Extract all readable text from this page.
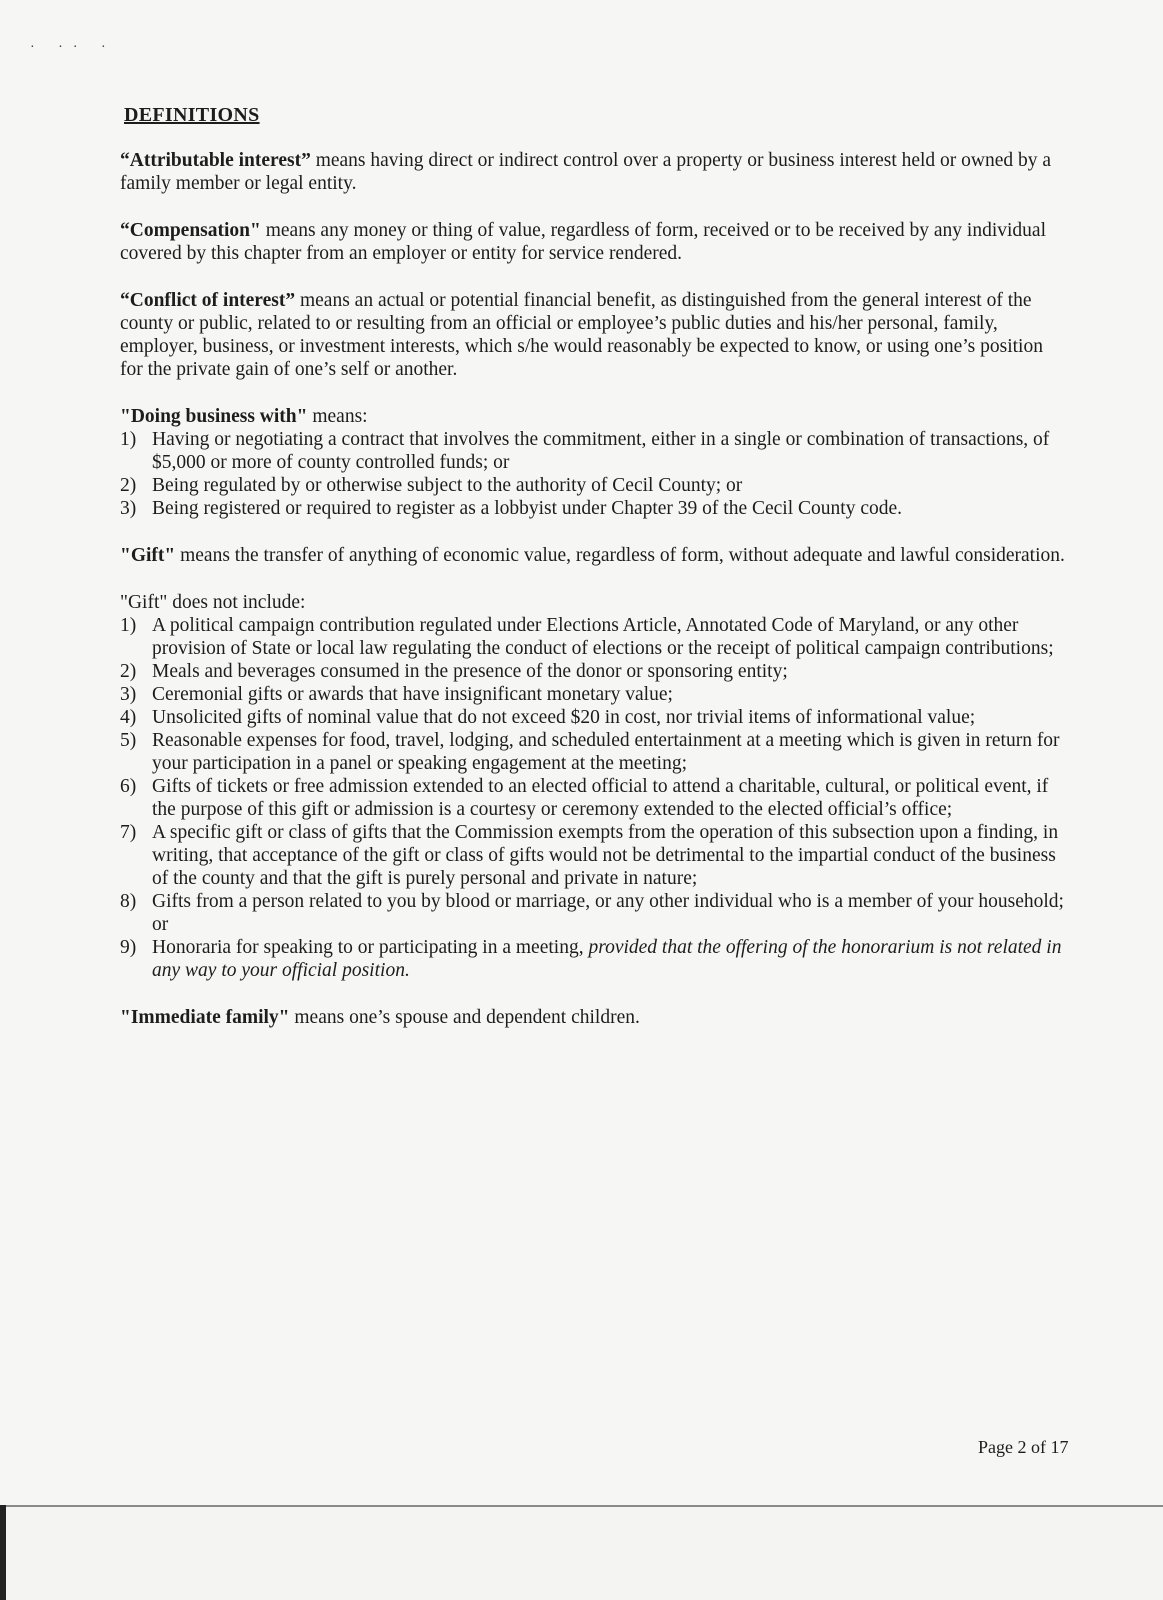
· ·· ·
DEFINITIONS

“Attributable interest” means having direct or indirect control over a property or business interest held or owned by a family member or legal entity.

“Compensation" means any money or thing of value, regardless of form, received or to be received by any individual covered by this chapter from an employer or entity for service rendered.

“Conflict of interest” means an actual or potential financial benefit, as distinguished from the general interest of the county or public, related to or resulting from an official or employee’s public duties and his/her personal, family, employer, business, or investment interests, which s/he would reasonably be expected to know, or using one’s position for the private gain of one’s self or another.

"Doing business with" means:

1) Having or negotiating a contract that involves the commitment, either in a single or combination of transactions, of $5,000 or more of county controlled funds; or
2) Being regulated by or otherwise subject to the authority of Cecil County; or
3) Being registered or required to register as a lobbyist under Chapter 39 of the Cecil County code.

"Gift" means the transfer of anything of economic value, regardless of form, without adequate and lawful consideration.

"Gift" does not include:

1) A political campaign contribution regulated under Elections Article, Annotated Code of Maryland, or any other provision of State or local law regulating the conduct of elections or the receipt of political campaign contributions;
2) Meals and beverages consumed in the presence of the donor or sponsoring entity;
3) Ceremonial gifts or awards that have insignificant monetary value;
4) Unsolicited gifts of nominal value that do not exceed $20 in cost, nor trivial items of informational value;
5) Reasonable expenses for food, travel, lodging, and scheduled entertainment at a meeting which is given in return for your participation in a panel or speaking engagement at the meeting;
6) Gifts of tickets or free admission extended to an elected official to attend a charitable, cultural, or political event, if the purpose of this gift or admission is a courtesy or ceremony extended to the elected official’s office;
7) A specific gift or class of gifts that the Commission exempts from the operation of this subsection upon a finding, in writing, that acceptance of the gift or class of gifts would not be detrimental to the impartial conduct of the business of the county and that the gift is purely personal and private in nature;
8) Gifts from a person related to you by blood or marriage, or any other individual who is a member of your household; or
9) Honoraria for speaking to or participating in a meeting, provided that the offering of the honorarium is not related in any way to your official position.

"Immediate family" means one’s spouse and dependent children.

Page 2 of 17
